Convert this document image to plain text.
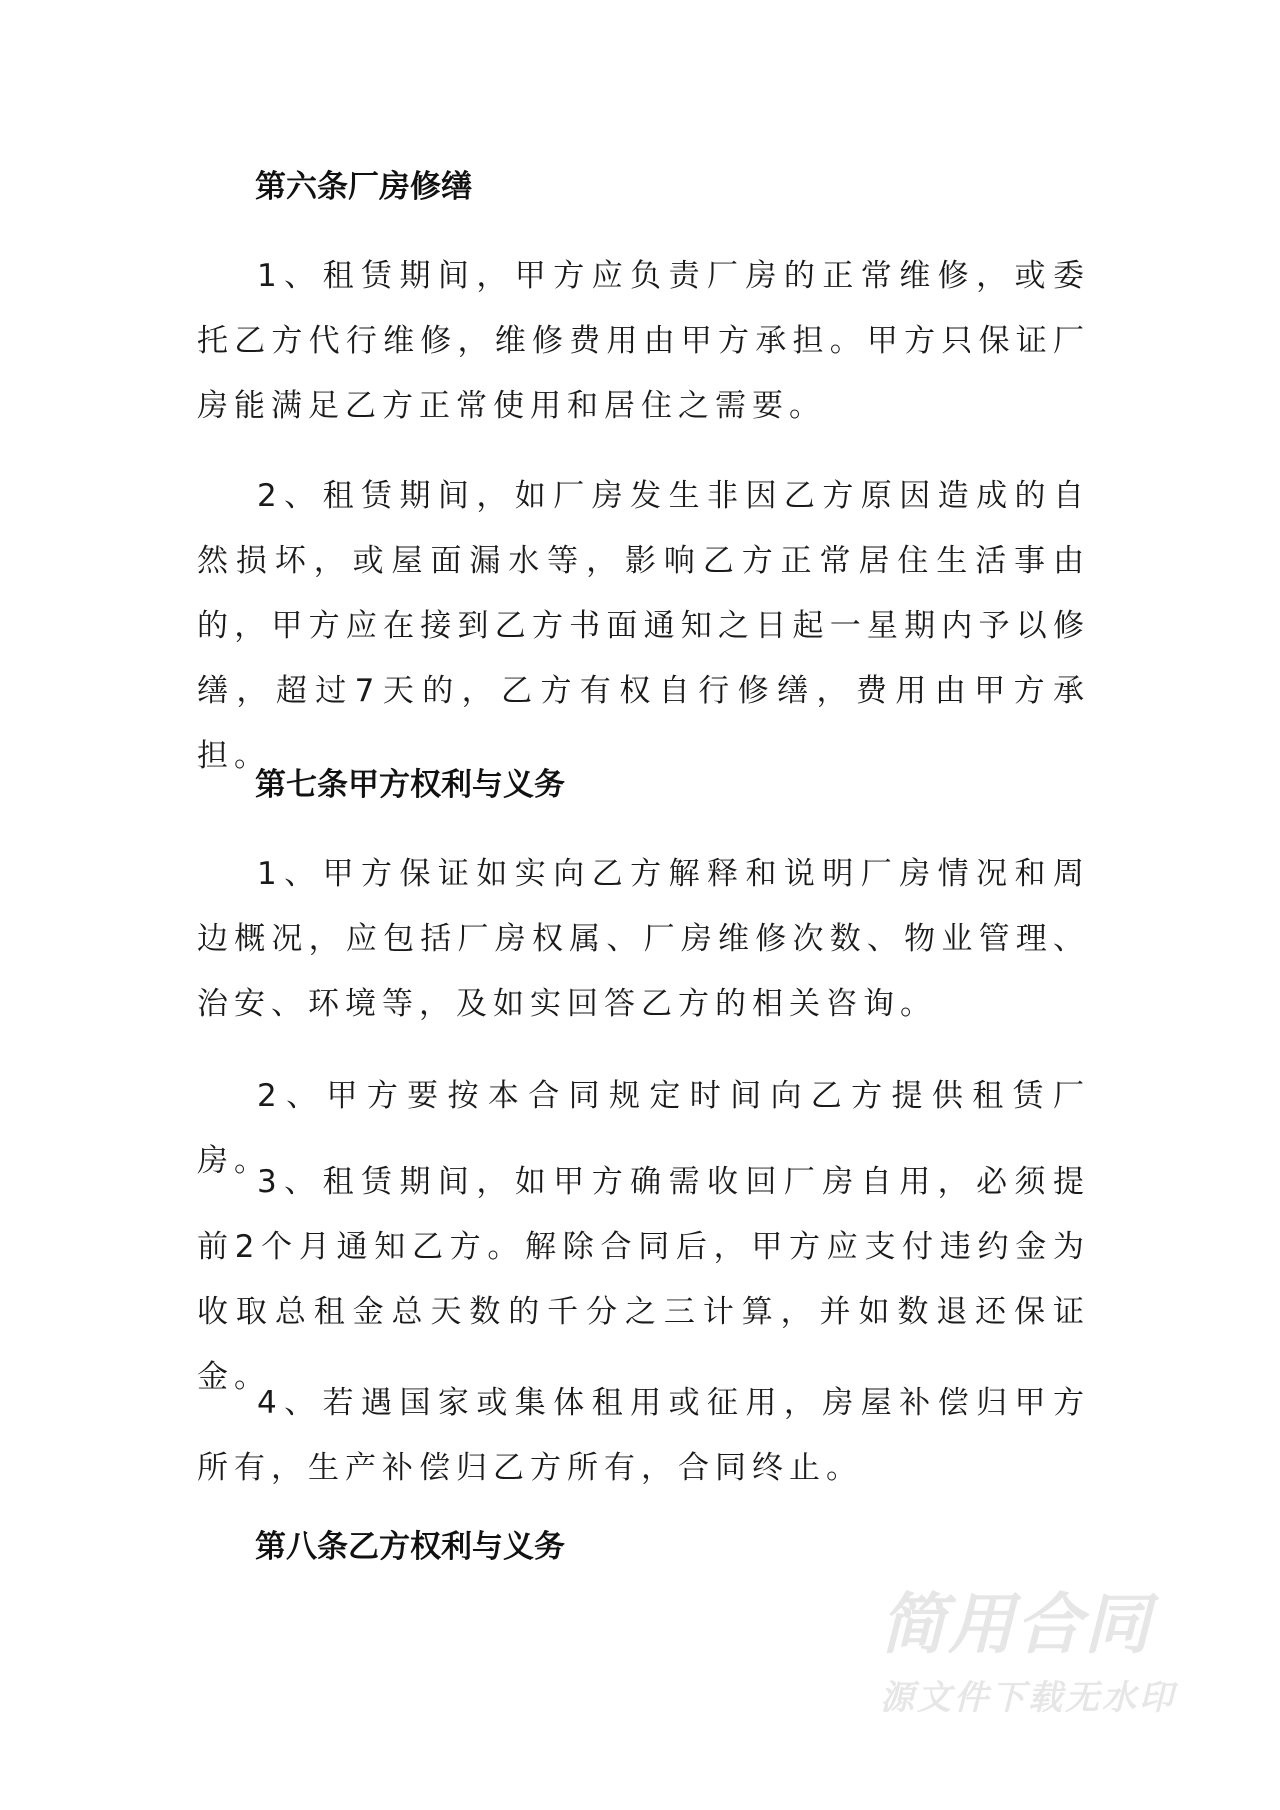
第六条厂房修缮
1、租赁期间，甲方应负责厂房的正常维修，或委托乙方代行维修，维修费用由甲方承担。甲方只保证厂房能满足乙方正常使用和居住之需要。
2、租赁期间，如厂房发生非因乙方原因造成的自然损坏，或屋面漏水等，影响乙方正常居住生活事由的，甲方应在接到乙方书面通知之日起一星期内予以修缮，超过7天的，乙方有权自行修缮，费用由甲方承担。
第七条甲方权利与义务
1、甲方保证如实向乙方解释和说明厂房情况和周边概况，应包括厂房权属、厂房维修次数、物业管理、治安、环境等，及如实回答乙方的相关咨询。
2、甲方要按本合同规定时间向乙方提供租赁厂房。
3、租赁期间，如甲方确需收回厂房自用，必须提前2个月通知乙方。解除合同后，甲方应支付违约金为收取总租金总天数的千分之三计算，并如数退还保证金。
4、若遇国家或集体租用或征用，房屋补偿归甲方所有，生产补偿归乙方所有，合同终止。
第八条乙方权利与义务
简用合同
源文件下载无水印
